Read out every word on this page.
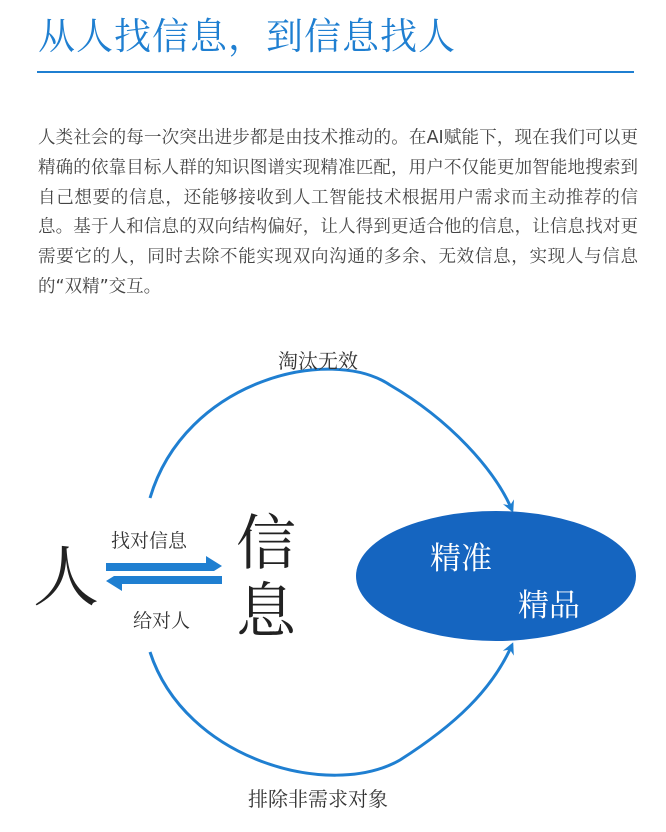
从人找信息，到信息找人
人类社会的每一次突出进步都是由技术推动的。在AI赋能下，现在我们可以更精确的依靠目标人群的知识图谱实现精准匹配，用户不仅能更加智能地搜索到自己想要的信息，还能够接收到人工智能技术根据用户需求而主动推荐的信息。基于人和信息的双向结构偏好，让人得到更适合他的信息，让信息找对更需要它的人，同时去除不能实现双向沟通的多余、无效信息，实现人与信息的“双精”交互。
淘汰无效
排除非需求对象
找对信息
给对人
人 信息
精准
精品
